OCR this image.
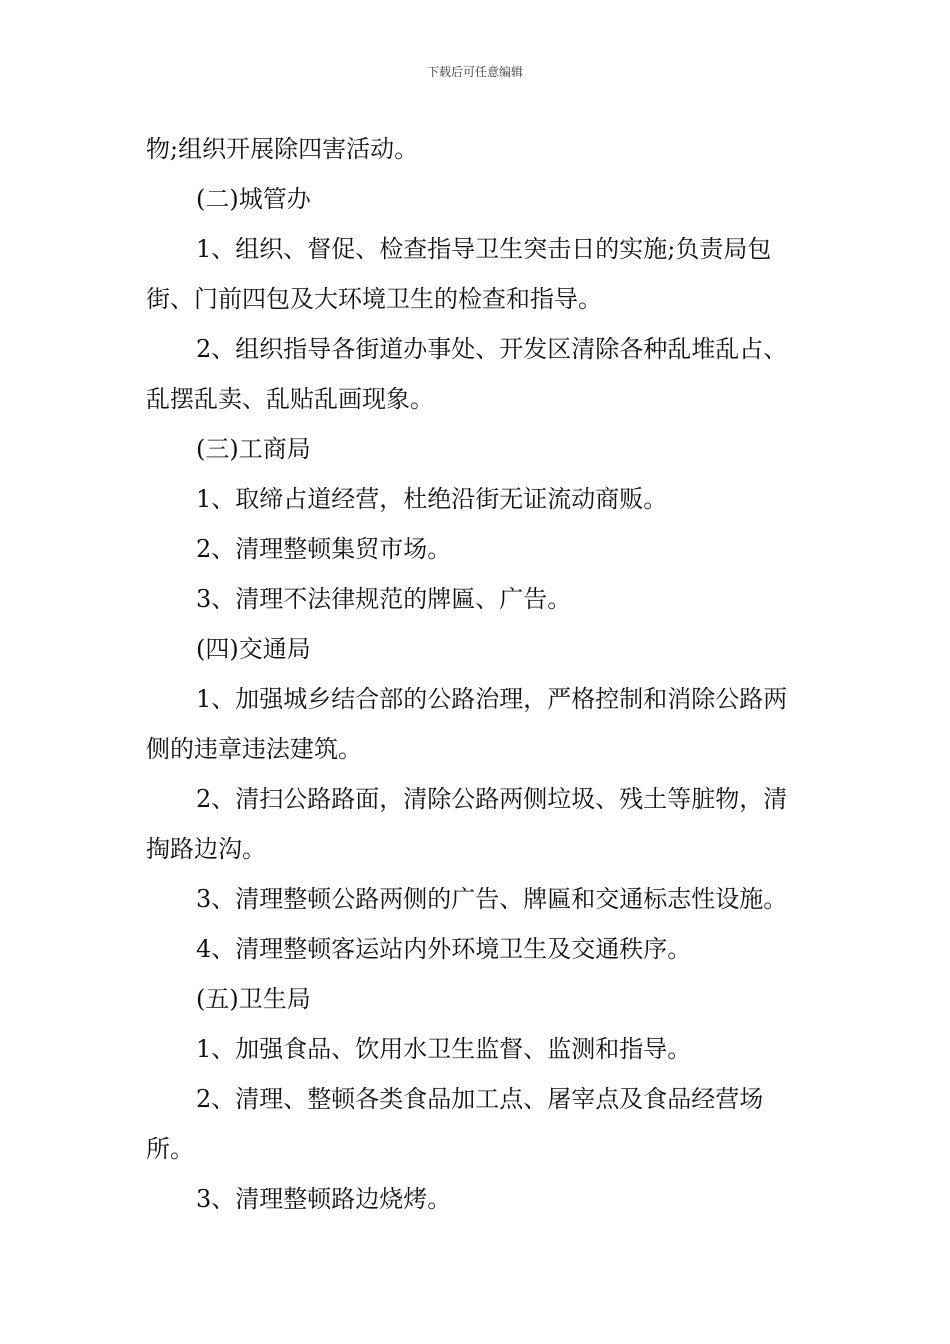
下载后可任意编辑

物;组织开展除四害活动。

(二)城管办

1、组织、督促、检查指导卫生突击日的实施;负责局包街、门前四包及大环境卫生的检查和指导。

2、组织指导各街道办事处、开发区清除各种乱堆乱占、乱摆乱卖、乱贴乱画现象。

(三)工商局

1、取缔占道经营，杜绝沿街无证流动商贩。

2、清理整顿集贸市场。

3、清理不法律规范的牌匾、广告。

(四)交通局

1、加强城乡结合部的公路治理，严格控制和消除公路两侧的违章违法建筑。

2、清扫公路路面，清除公路两侧垃圾、残土等脏物，清掏路边沟。

3、清理整顿公路两侧的广告、牌匾和交通标志性设施。

4、清理整顿客运站内外环境卫生及交通秩序。

(五)卫生局

1、加强食品、饮用水卫生监督、监测和指导。

2、清理、整顿各类食品加工点、屠宰点及食品经营场所。

3、清理整顿路边烧烤。
